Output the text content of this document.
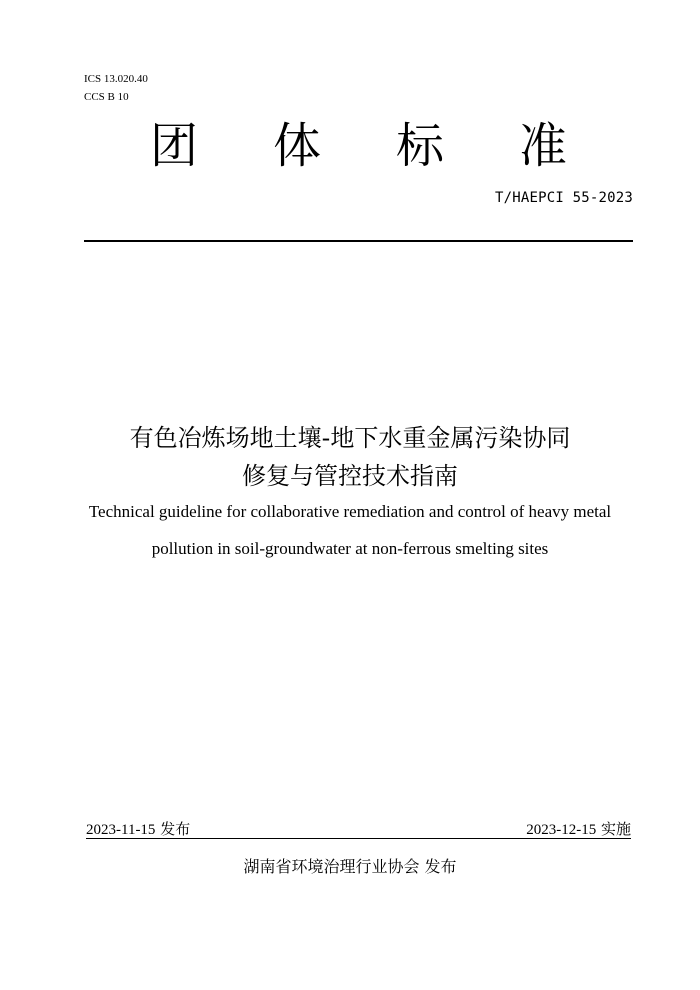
ICS 13.020.40
CCS B 10
团 体 标 准
T/HAEPCI 55-2023
有色冶炼场地土壤-地下水重金属污染协同
修复与管控技术指南
Technical guideline for collaborative remediation and control of heavy metal
pollution in soil-groundwater at non-ferrous smelting sites
2023-11-15 发布	2023-12-15 实施
湖南省环境治理行业协会 发布
